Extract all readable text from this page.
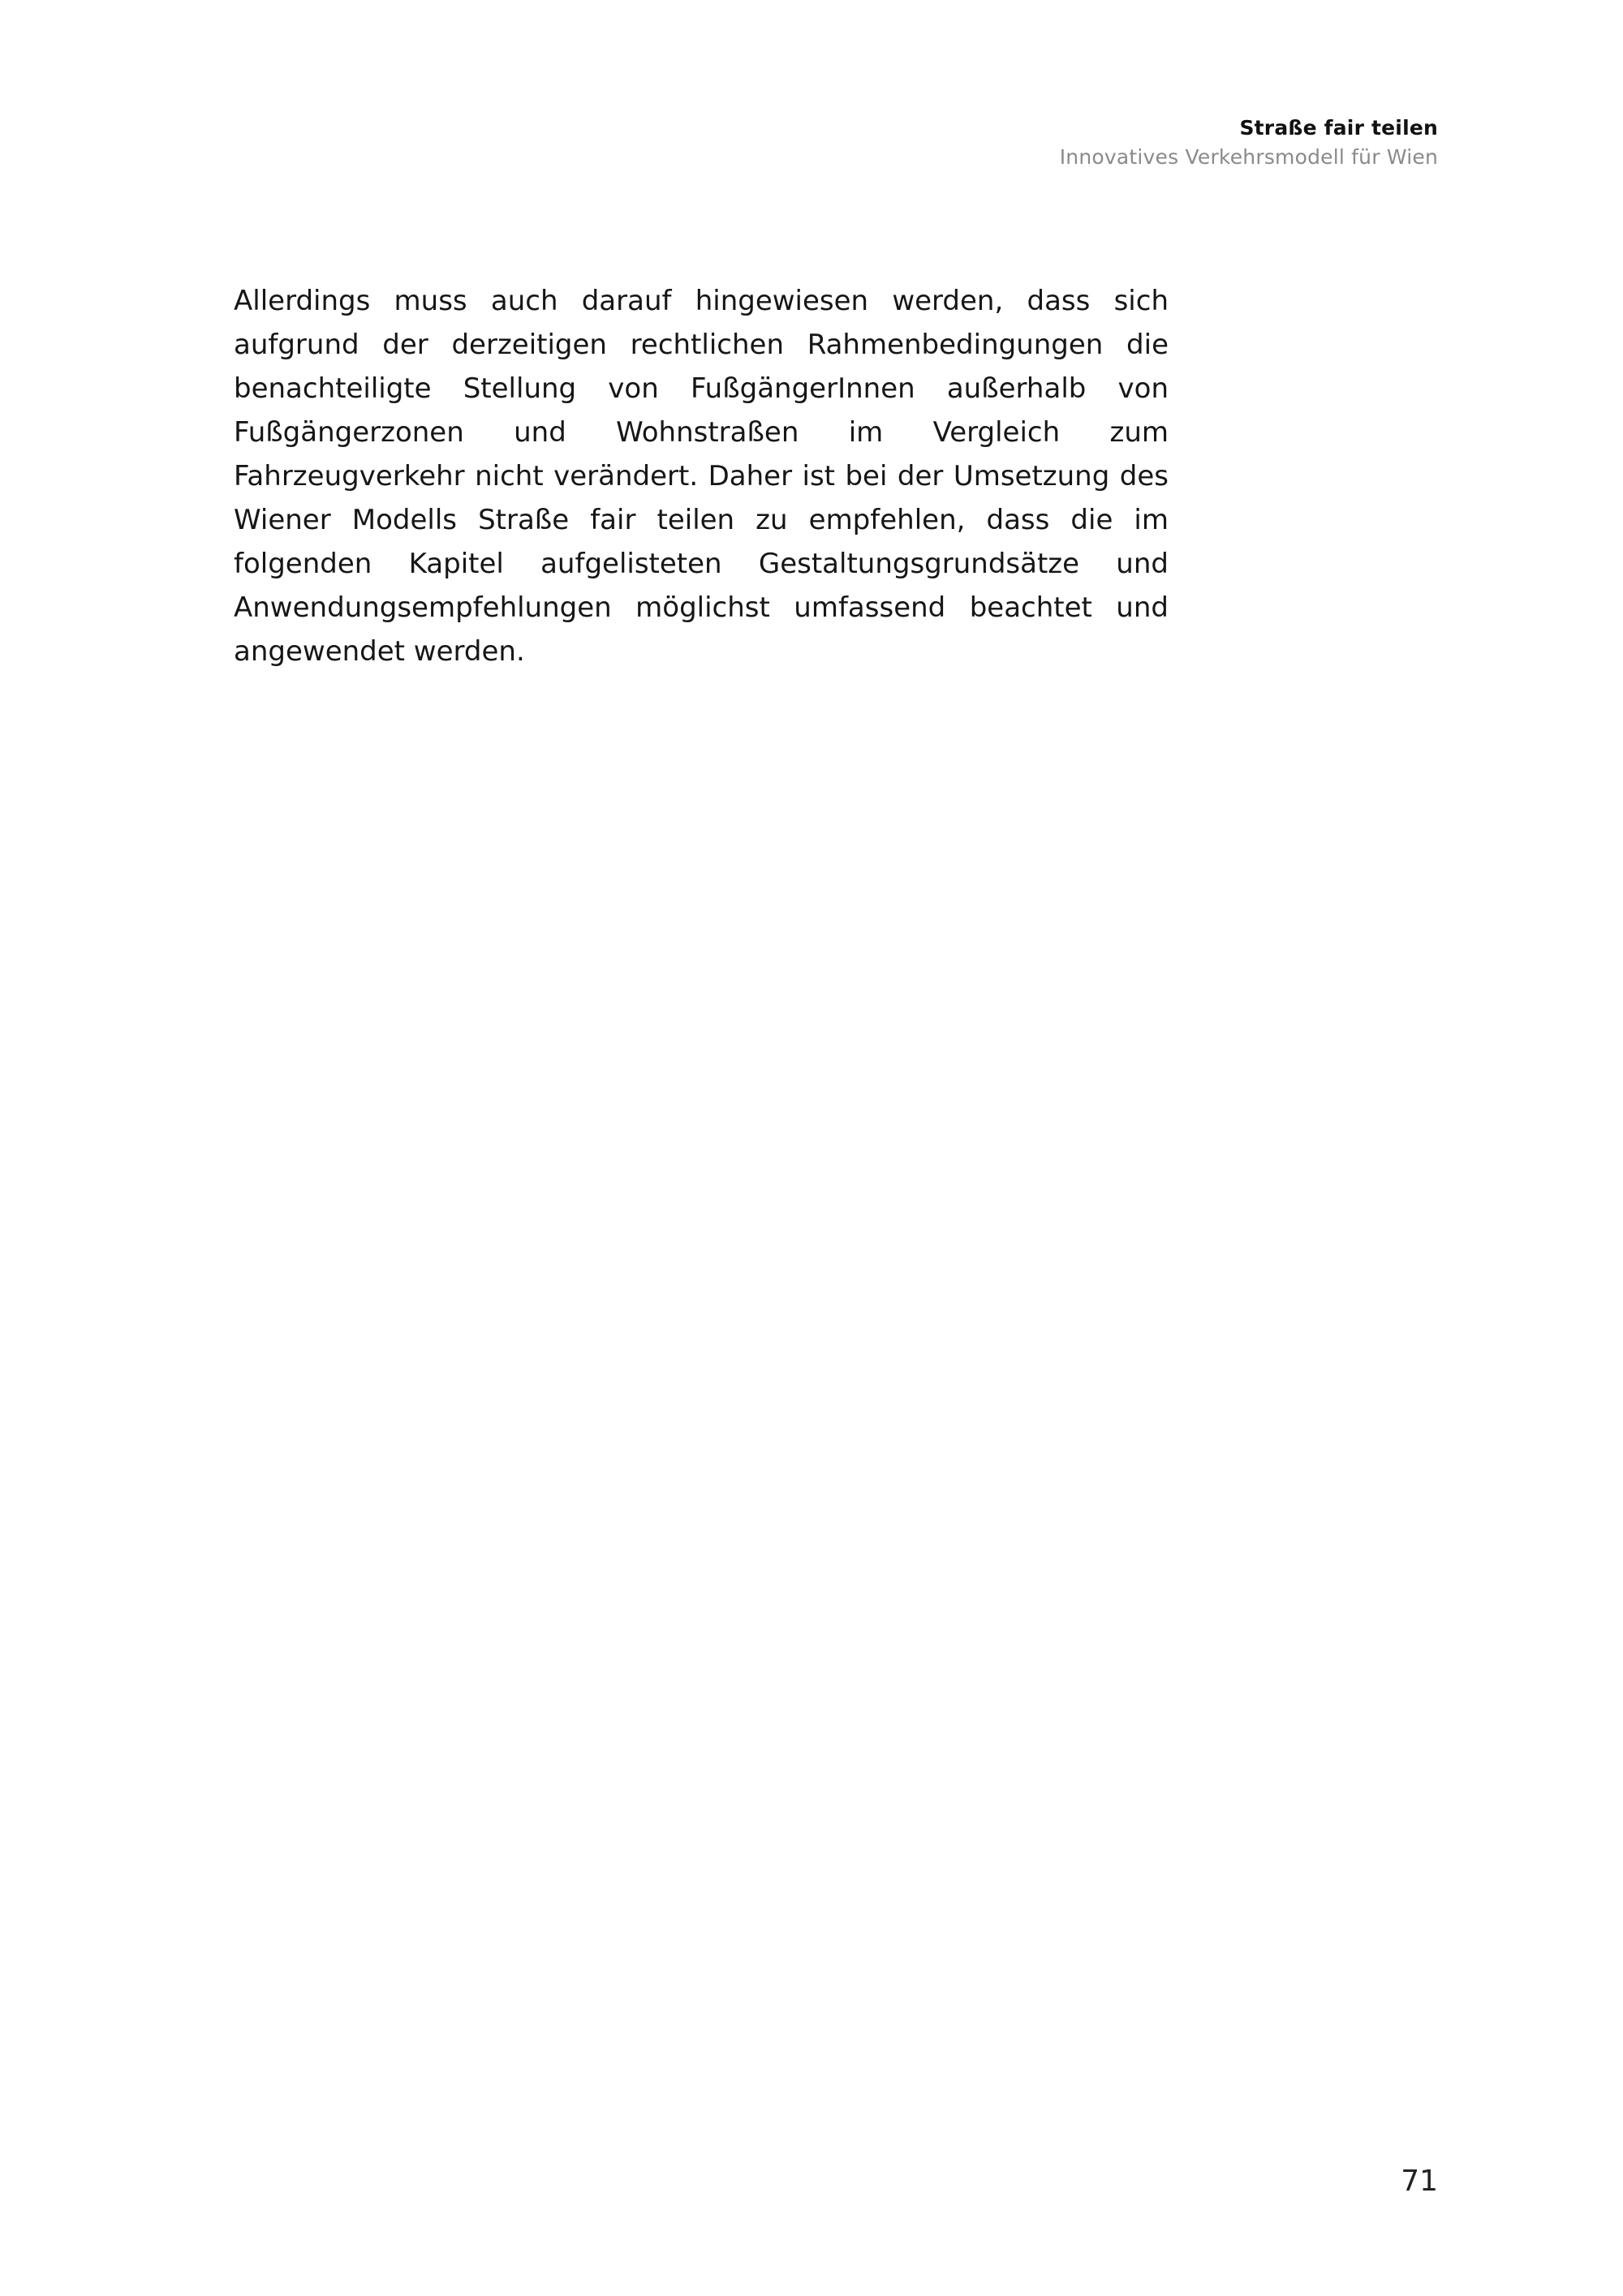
Straße fair teilen
Innovatives Verkehrsmodell für Wien

Allerdings muss auch darauf hingewiesen werden, dass sich aufgrund der derzeitigen rechtlichen Rahmenbedingungen die benachteiligte Stellung von FußgängerInnen außerhalb von Fußgängerzonen und Wohnstraßen im Vergleich zum Fahrzeugverkehr nicht verändert. Daher ist bei der Umsetzung des Wiener Modells Straße fair teilen zu empfehlen, dass die im folgenden Kapitel aufgelisteten Gestaltungsgrundsätze und Anwendungsempfehlungen möglichst umfassend beachtet und angewendet werden.

71
